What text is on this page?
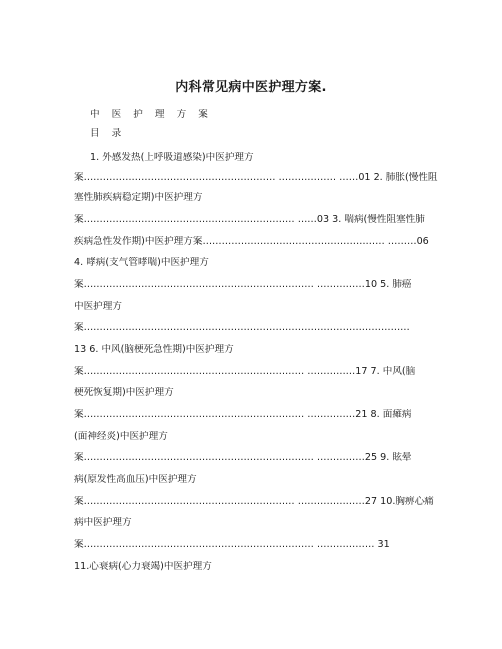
内科常见病中医护理方案.
中 医 护 理 方 案
目 录
1. 外感发热(上呼吸道感染)中医护理方
案…………………………………………………… ……………… ……01 2. 肺胀(慢性阻
塞性肺疾病稳定期)中医护理方
案………………………………………………………… ……03 3. 喘病(慢性阻塞性肺
疾病急性发作期)中医护理方案………………………………………………… ………06
4. 哮病(支气管哮喘)中医护理方
案……………………………………………………………… ……………10 5. 肺癌
中医护理方
案…………………………………………………………………………………………
13 6. 中风(脑梗死急性期)中医护理方
案…………………………………………………………… ……………17 7. 中风(脑
梗死恢复期)中医护理方
案…………………………………………………………… ……………21 8. 面瘫病
(面神经炎)中医护理方
案……………………………………………………………… ……………25 9. 眩晕
病(原发性高血压)中医护理方
案………………………………………………………… …………………27 10.胸痹心痛
病中医护理方
案……………………………………………………………… ……………… 31
11.心衰病(心力衰竭)中医护理方
